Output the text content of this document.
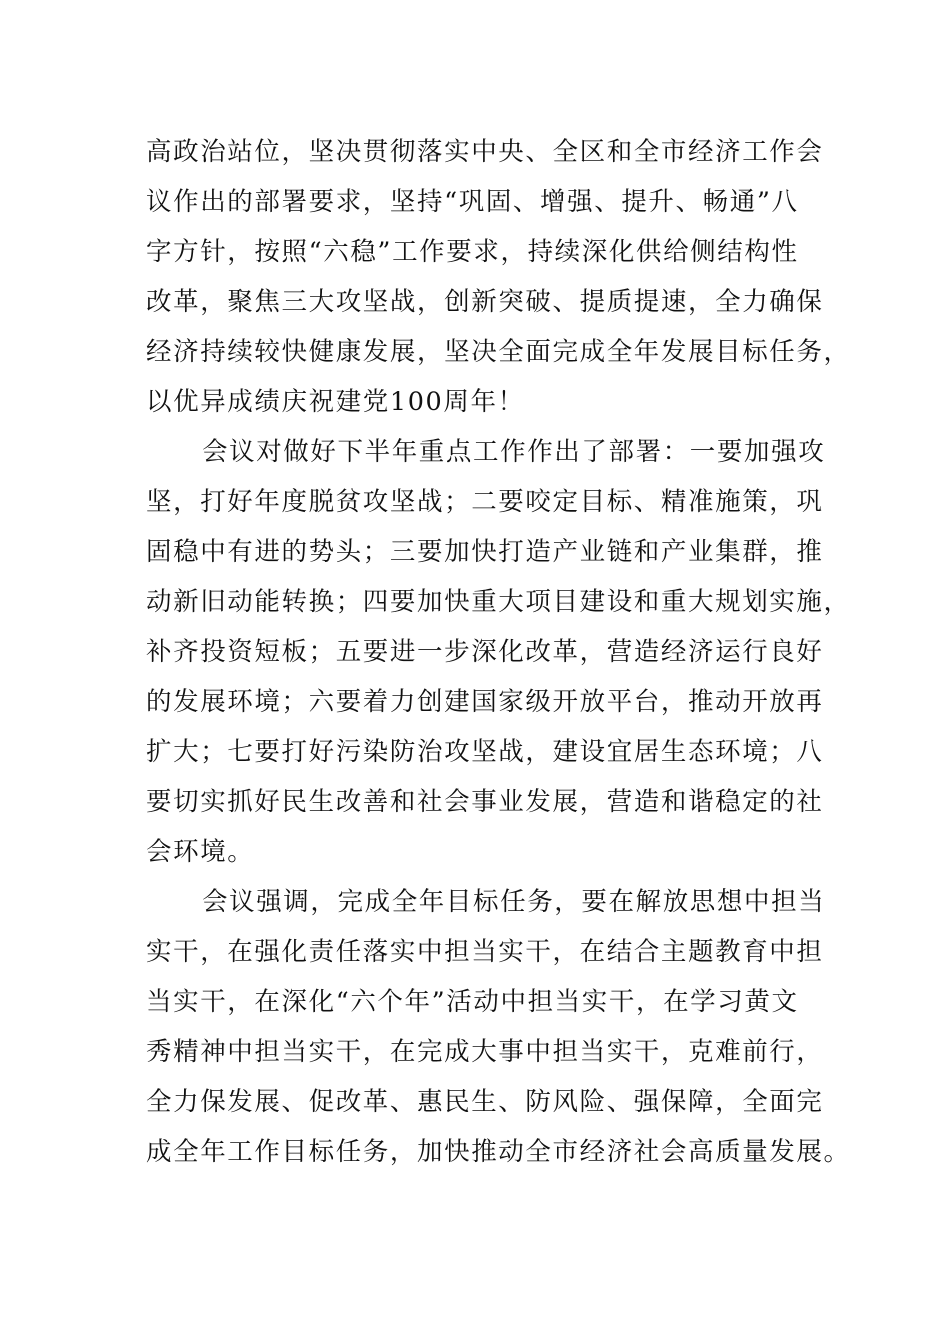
高政治站位，坚决贯彻落实中央、全区和全市经济工作会
议作出的部署要求，坚持“巩固、增强、提升、畅通”八
字方针，按照“六稳”工作要求，持续深化供给侧结构性
改革，聚焦三大攻坚战，创新突破、提质提速，全力确保
经济持续较快健康发展，坚决全面完成全年发展目标任务，
以优异成绩庆祝建党100周年！
会议对做好下半年重点工作作出了部署：一要加强攻
坚，打好年度脱贫攻坚战；二要咬定目标、精准施策，巩
固稳中有进的势头；三要加快打造产业链和产业集群，推
动新旧动能转换；四要加快重大项目建设和重大规划实施，
补齐投资短板；五要进一步深化改革，营造经济运行良好
的发展环境；六要着力创建国家级开放平台，推动开放再
扩大；七要打好污染防治攻坚战，建设宜居生态环境；八
要切实抓好民生改善和社会事业发展，营造和谐稳定的社
会环境。
会议强调，完成全年目标任务，要在解放思想中担当
实干，在强化责任落实中担当实干，在结合主题教育中担
当实干，在深化“六个年”活动中担当实干，在学习黄文
秀精神中担当实干，在完成大事中担当实干，克难前行，
全力保发展、促改革、惠民生、防风险、强保障，全面完
成全年工作目标任务，加快推动全市经济社会高质量发展。
